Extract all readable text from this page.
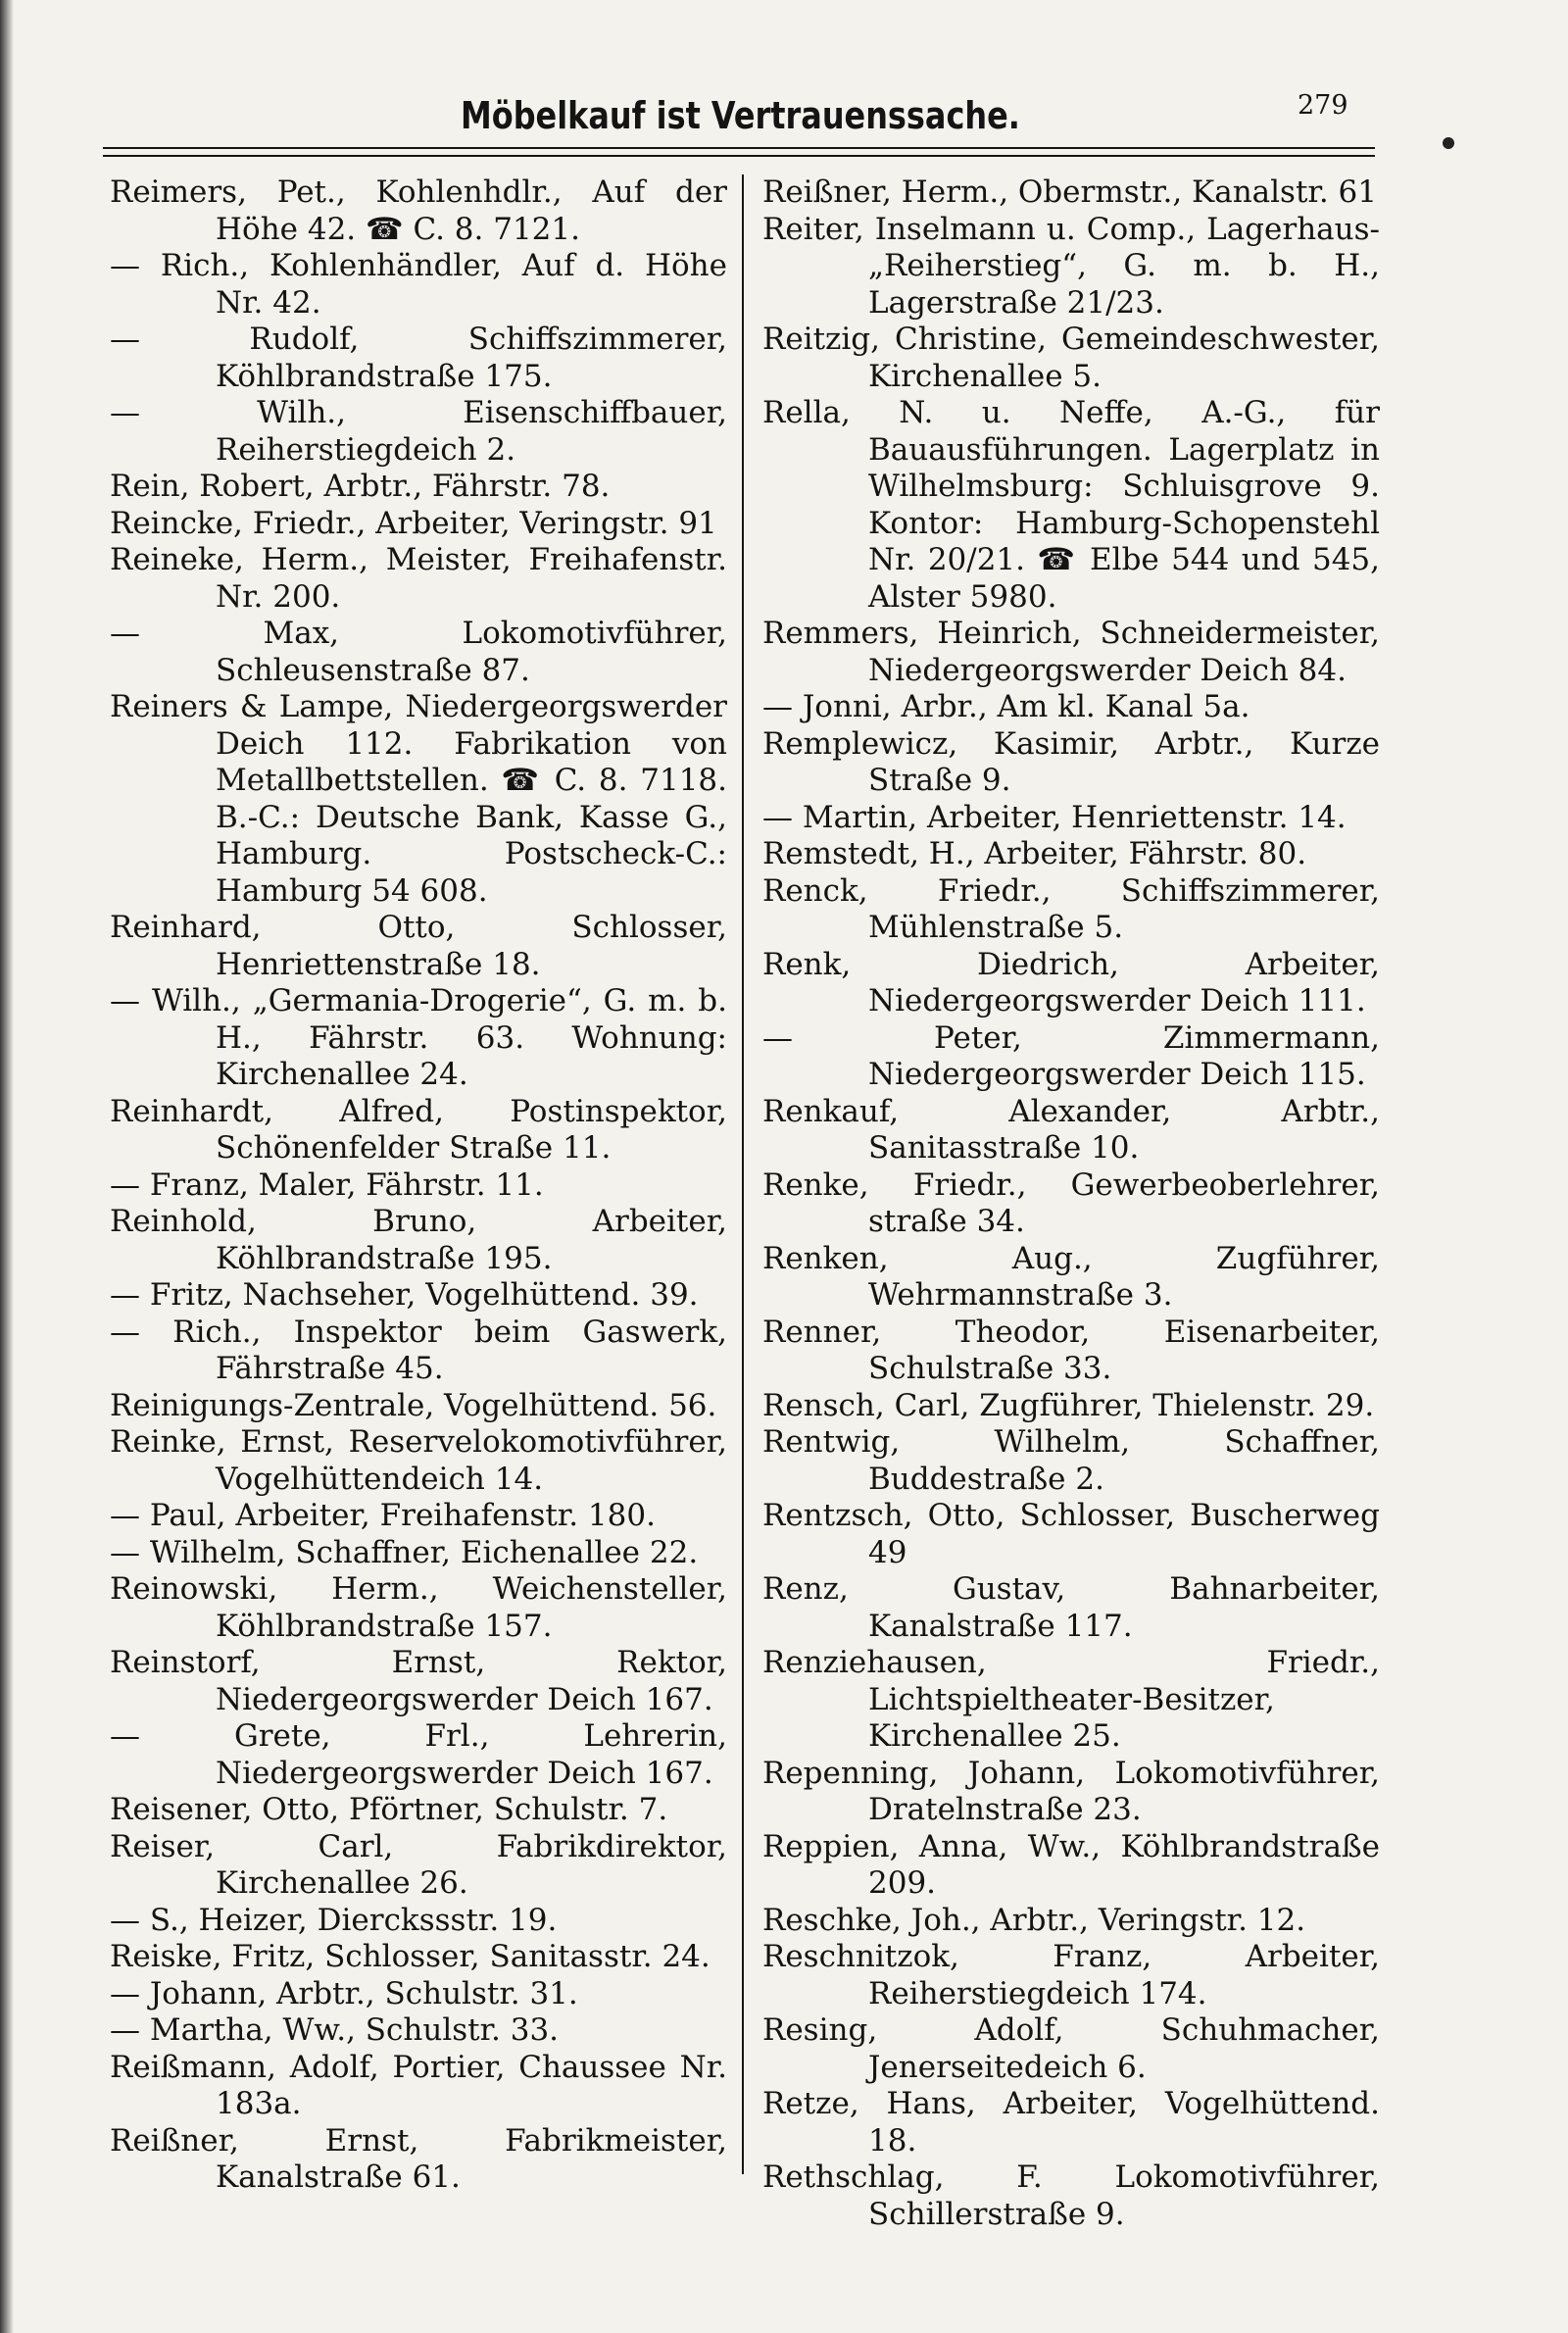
Möbelkauf ist Vertrauenssache.	279
Reimers, Pet., Kohlenhdlr., Auf der Höhe 42. ☎ C. 8. 7121.
— Rich., Kohlenhändler, Auf d. Höhe Nr. 42.
— Rudolf, Schiffszimmerer, Köhlbrandstraße 175.
— Wilh., Eisenschiffbauer, Reiherstiegdeich 2.
Rein, Robert, Arbtr., Fährstr. 78.
Reincke, Friedr., Arbeiter, Veringstr. 91
Reineke, Herm., Meister, Freihafenstr. Nr. 200.
— Max, Lokomotivführer, Schleusenstraße 87.
Reiners & Lampe, Niedergeorgswerder Deich 112. Fabrikation von Metallbettstellen. ☎ C. 8. 7118. B.-C.: Deutsche Bank, Kasse G., Hamburg. Postscheck-C.: Hamburg 54 608.
Reinhard, Otto, Schlosser, Henriettenstraße 18.
— Wilh., „Germania-Drogerie“, G. m. b. H., Fährstr. 63. Wohnung: Kirchenallee 24.
Reinhardt, Alfred, Postinspektor, Schönenfelder Straße 11.
— Franz, Maler, Fährstr. 11.
Reinhold, Bruno, Arbeiter, Köhlbrandstraße 195.
— Fritz, Nachseher, Vogelhüttend. 39.
— Rich., Inspektor beim Gaswerk, Fährstraße 45.
Reinigungs-Zentrale, Vogelhüttend. 56.
Reinke, Ernst, Reservelokomotivführer, Vogelhüttendeich 14.
— Paul, Arbeiter, Freihafenstr. 180.
— Wilhelm, Schaffner, Eichenallee 22.
Reinowski, Herm., Weichensteller, Köhlbrandstraße 157.
Reinstorf, Ernst, Rektor, Niedergeorgswerder Deich 167.
— Grete, Frl., Lehrerin, Niedergeorgswerder Deich 167.
Reisener, Otto, Pförtner, Schulstr. 7.
Reiser, Carl, Fabrikdirektor, Kirchenallee 26.
— S., Heizer, Dierckssstr. 19.
Reiske, Fritz, Schlosser, Sanitasstr. 24.
— Johann, Arbtr., Schulstr. 31.
— Martha, Ww., Schulstr. 33.
Reißmann, Adolf, Portier, Chaussee Nr. 183a.
Reißner, Ernst, Fabrikmeister, Kanalstraße 61.
Reißner, Herm., Obermstr., Kanalstr. 61
Reiter, Inselmann u. Comp., Lagerhaus-„Reiherstieg“, G. m. b. H., Lagerstraße 21/23.
Reitzig, Christine, Gemeindeschwester, Kirchenallee 5.
Rella, N. u. Neffe, A.-G., für Bauausführungen. Lagerplatz in Wilhelmsburg: Schluisgrove 9. Kontor: Hamburg-Schopenstehl Nr. 20/21. ☎ Elbe 544 und 545, Alster 5980.
Remmers, Heinrich, Schneidermeister, Niedergeorgswerder Deich 84.
— Jonni, Arbr., Am kl. Kanal 5a.
Remplewicz, Kasimir, Arbtr., Kurze Straße 9.
— Martin, Arbeiter, Henriettenstr. 14.
Remstedt, H., Arbeiter, Fährstr. 80.
Renck, Friedr., Schiffszimmerer, Mühlenstraße 5.
Renk, Diedrich, Arbeiter, Niedergeorgswerder Deich 111.
— Peter, Zimmermann, Niedergeorgswerder Deich 115.
Renkauf, Alexander, Arbtr., Sanitasstraße 10.
Renke, Friedr., Gewerbeoberlehrer, straße 34.
Renken, Aug., Zugführer, Wehrmannstraße 3.
Renner, Theodor, Eisenarbeiter, Schulstraße 33.
Rensch, Carl, Zugführer, Thielenstr. 29.
Rentwig, Wilhelm, Schaffner, Buddestraße 2.
Rentzsch, Otto, Schlosser, Buscherweg 49
Renz, Gustav, Bahnarbeiter, Kanalstraße 117.
Renziehausen, Friedr., Lichtspieltheater-Besitzer, Kirchenallee 25.
Repenning, Johann, Lokomotivführer, Dratelnstraße 23.
Reppien, Anna, Ww., Köhlbrandstraße 209.
Reschke, Joh., Arbtr., Veringstr. 12.
Reschnitzok, Franz, Arbeiter, Reiherstiegdeich 174.
Resing, Adolf, Schuhmacher, Jenerseitedeich 6.
Retze, Hans, Arbeiter, Vogelhüttend. 18.
Rethschlag, F. Lokomotivführer, Schillerstraße 9.
